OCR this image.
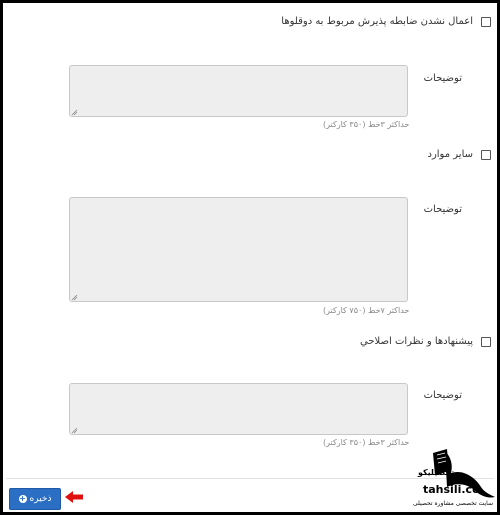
اعمال نشدن ضابطه پذيرش مربوط به دوقلوها
توضیحات
حداکثر ۳خط (۳۵۰ کارکتر)
ساير موارد
توضیحات
حداکثر ۷خط (۷۵۰ کارکتر)
پيشنهادها و نظرات اصلاحي
توضیحات
حداکثر ۳خط (۳۵۰ کارکتر)
ذخیره
+
تحصیلیکو
tahsili.co
سایت تخصصی مشاوره تحصیلی
